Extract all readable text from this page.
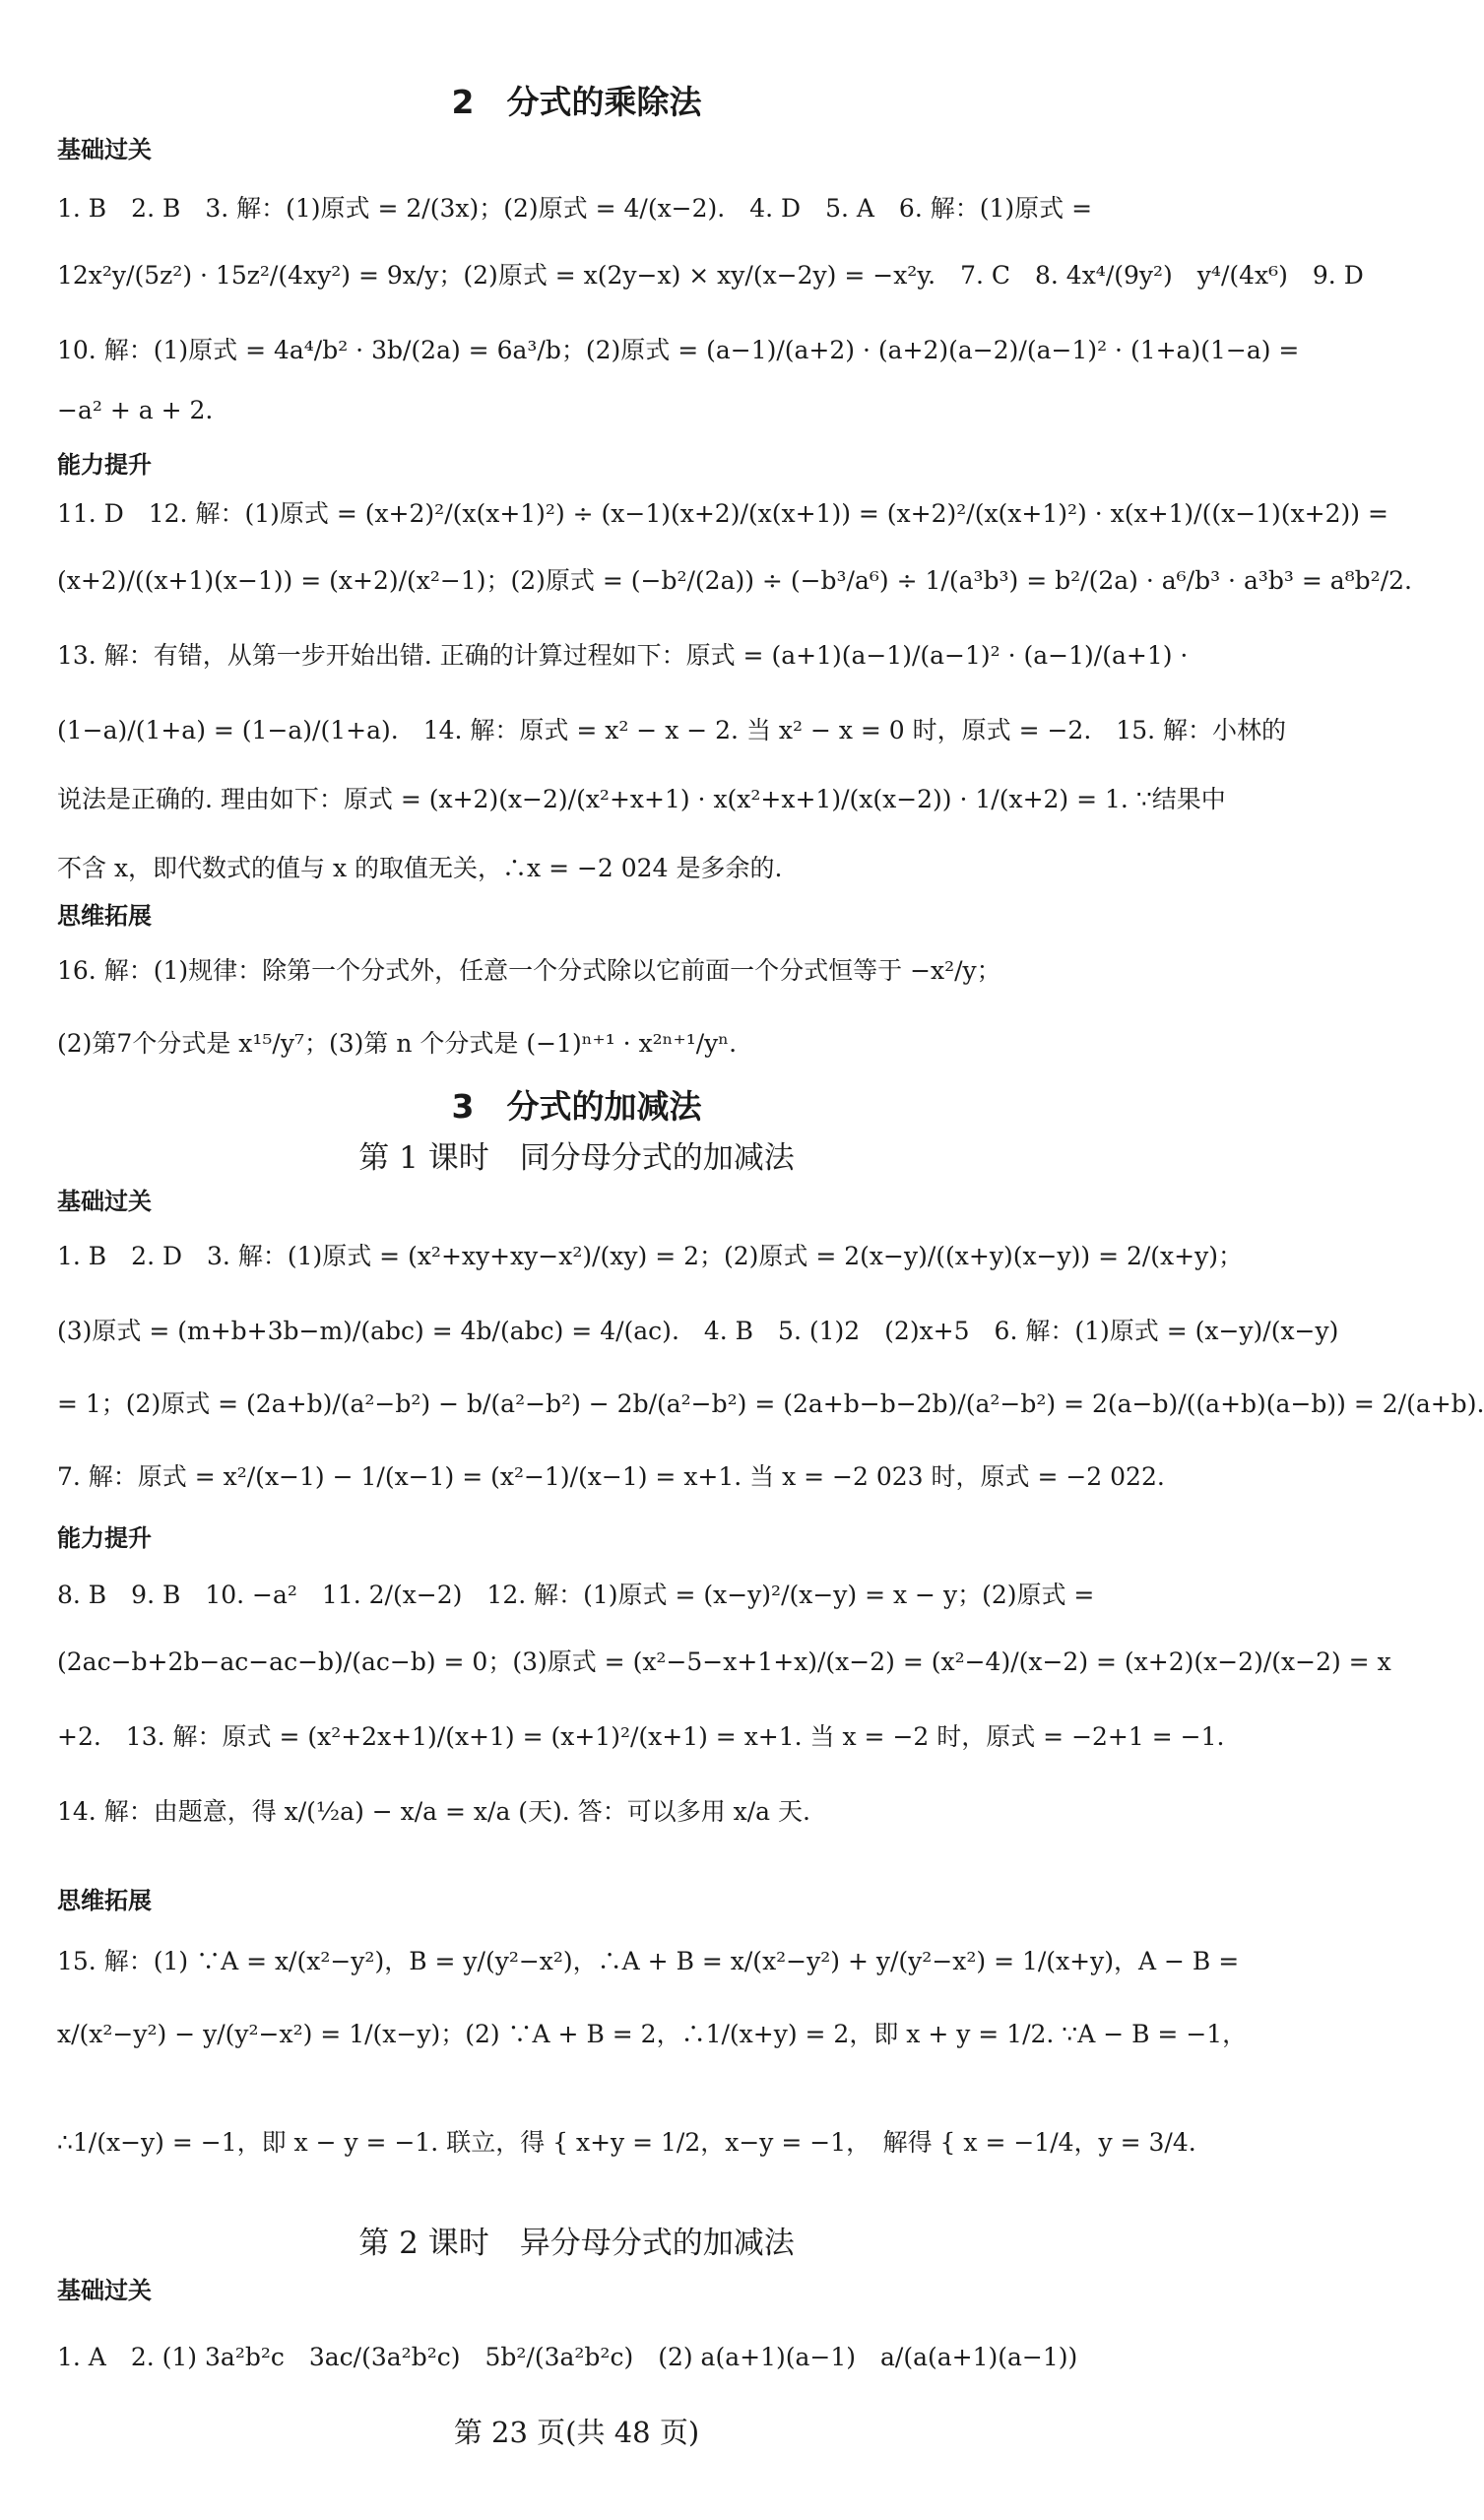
2　分式的乘除法
基础过关
1. B　2. B　3. 解：(1)原式 = 2/(3x)；(2)原式 = 4/(x−2).　4. D　5. A　6. 解：(1)原式 =
12x²y/(5z²) · 15z²/(4xy²) = 9x/y；(2)原式 = x(2y−x) × xy/(x−2y) = −x²y.　7. C　8. 4x⁴/(9y²)　y⁴/(4x⁶)　9. D
10. 解：(1)原式 = 4a⁴/b² · 3b/(2a) = 6a³/b；(2)原式 = (a−1)/(a+2) · (a+2)(a−2)/(a−1)² · (1+a)(1−a) =
−a² + a + 2.
能力提升
11. D　12. 解：(1)原式 = (x+2)²/(x(x+1)²) ÷ (x−1)(x+2)/(x(x+1)) = (x+2)²/(x(x+1)²) · x(x+1)/((x−1)(x+2)) =
(x+2)/((x+1)(x−1)) = (x+2)/(x²−1)；(2)原式 = (−b²/(2a)) ÷ (−b³/a⁶) ÷ 1/(a³b³) = b²/(2a) · a⁶/b³ · a³b³ = a⁸b²/2.
13. 解：有错，从第一步开始出错. 正确的计算过程如下：原式 = (a+1)(a−1)/(a−1)² · (a−1)/(a+1) ·
(1−a)/(1+a) = (1−a)/(1+a).　14. 解：原式 = x² − x − 2. 当 x² − x = 0 时，原式 = −2.　15. 解：小林的
说法是正确的. 理由如下：原式 = (x+2)(x−2)/(x²+x+1) · x(x²+x+1)/(x(x−2)) · 1/(x+2) = 1. ∵结果中
不含 x，即代数式的值与 x 的取值无关，∴x = −2 024 是多余的.
思维拓展
16. 解：(1)规律：除第一个分式外，任意一个分式除以它前面一个分式恒等于 −x²/y；
(2)第7个分式是 x¹⁵/y⁷；(3)第 n 个分式是 (−1)ⁿ⁺¹ · x²ⁿ⁺¹/yⁿ.
3　分式的加减法
第 1 课时　同分母分式的加减法
基础过关
1. B　2. D　3. 解：(1)原式 = (x²+xy+xy−x²)/(xy) = 2；(2)原式 = 2(x−y)/((x+y)(x−y)) = 2/(x+y)；
(3)原式 = (m+b+3b−m)/(abc) = 4b/(abc) = 4/(ac).　4. B　5. (1)2　(2)x+5　6. 解：(1)原式 = (x−y)/(x−y)
= 1；(2)原式 = (2a+b)/(a²−b²) − b/(a²−b²) − 2b/(a²−b²) = (2a+b−b−2b)/(a²−b²) = 2(a−b)/((a+b)(a−b)) = 2/(a+b).
7. 解：原式 = x²/(x−1) − 1/(x−1) = (x²−1)/(x−1) = x+1. 当 x = −2 023 时，原式 = −2 022.
能力提升
8. B　9. B　10. −a²　11. 2/(x−2)　12. 解：(1)原式 = (x−y)²/(x−y) = x − y；(2)原式 =
(2ac−b+2b−ac−ac−b)/(ac−b) = 0；(3)原式 = (x²−5−x+1+x)/(x−2) = (x²−4)/(x−2) = (x+2)(x−2)/(x−2) = x
+2.　13. 解：原式 = (x²+2x+1)/(x+1) = (x+1)²/(x+1) = x+1. 当 x = −2 时，原式 = −2+1 = −1.
14. 解：由题意，得 x/(½a) − x/a = x/a (天). 答：可以多用 x/a 天.
思维拓展
15. 解：(1) ∵A = x/(x²−y²)，B = y/(y²−x²)，∴A + B = x/(x²−y²) + y/(y²−x²) = 1/(x+y)，A − B =
x/(x²−y²) − y/(y²−x²) = 1/(x−y)；(2) ∵A + B = 2，∴1/(x+y) = 2，即 x + y = 1/2. ∵A − B = −1，
∴1/(x−y) = −1，即 x − y = −1. 联立，得 { x+y = 1/2，x−y = −1，　解得 { x = −1/4，y = 3/4.
第 2 课时　异分母分式的加减法
基础过关
1. A　2. (1) 3a²b²c　3ac/(3a²b²c)　5b²/(3a²b²c)　(2) a(a+1)(a−1)　a/(a(a+1)(a−1))
第 23 页(共 48 页)
